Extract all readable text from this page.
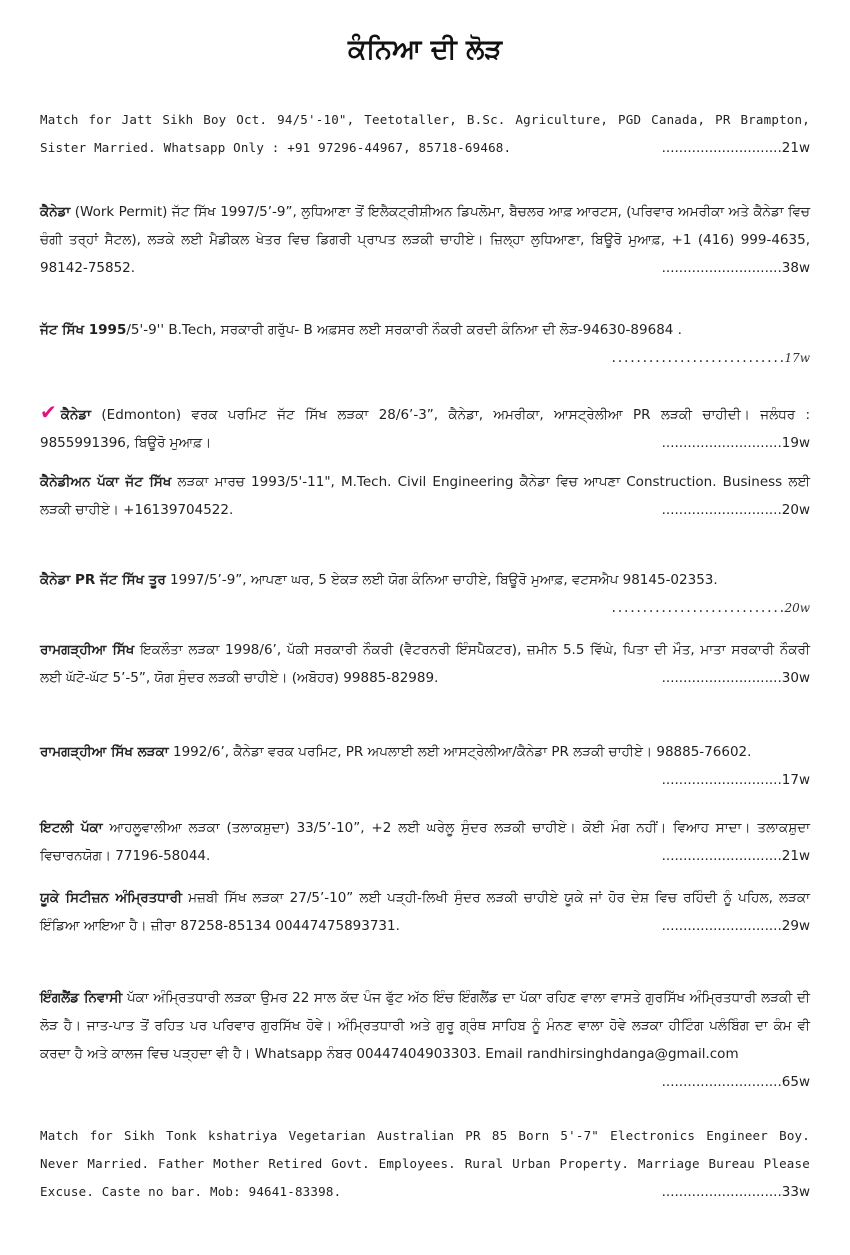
ਕੰਨਿਆ ਦੀ ਲੋੜ
Match for Jatt Sikh Boy Oct. 94/5'-10", Teetotaller, B.Sc. Agriculture, PGD Canada, PR Brampton, Sister Married. Whatsapp Only : +91 97296-44967, 85718-69468.	............................21w
ਕੈਨੇਡਾ (Work Permit) ਜੱਟ ਸਿੱਖ 1997/5’-9”, ਲੁਧਿਆਣਾ ਤੋਂ ਇਲੈਕਟ੍ਰੀਸ਼ੀਅਨ ਡਿਪਲੋਮਾ, ਬੈਚਲਰ ਆਫ਼ ਆਰਟਸ, (ਪਰਿਵਾਰ ਅਮਰੀਕਾ ਅਤੇ ਕੈਨੇਡਾ ਵਿਚ ਚੰਗੀ ਤਰ੍ਹਾਂ ਸੈਟਲ), ਲੜਕੇ ਲਈ ਮੈਡੀਕਲ ਖੇਤਰ ਵਿਚ ਡਿਗਰੀ ਪ੍ਰਾਪਤ ਲੜਕੀ ਚਾਹੀਏ। ਜ਼ਿਲ੍ਹਾ ਲੁਧਿਆਣਾ, ਬਿਊਰੋ ਮੁਆਫ਼, +1 (416) 999-4635, 98142-75852.	............................38w
ਜੱਟ ਸਿੱਖ 1995/5'-9'' B.Tech, ਸਰਕਾਰੀ ਗਰੁੱਪ- B ਅਫ਼ਸਰ ਲਈ ਸਰਕਾਰੀ ਨੌਕਰੀ ਕਰਦੀ ਕੰਨਿਆ ਦੀ ਲੋੜ-94630-89684 .
............................ 17w
✔ ਕੈਨੇਡਾ (Edmonton) ਵਰਕ ਪਰਮਿਟ ਜੱਟ ਸਿੱਖ ਲੜਕਾ 28/6’-3”, ਕੈਨੇਡਾ, ਅਮਰੀਕਾ, ਆਸਟ੍ਰੇਲੀਆ PR ਲੜਕੀ ਚਾਹੀਦੀ। ਜਲੰਧਰ : 9855991396, ਬਿਊਰੋ ਮੁਆਫ਼।	............................19w
ਕੈਨੇਡੀਅਨ ਪੱਕਾ ਜੱਟ ਸਿੱਖ ਲੜਕਾ ਮਾਰਚ 1993/5'-11", M.Tech. Civil Engineering ਕੈਨੇਡਾ ਵਿਚ ਆਪਣਾ Construction. Business ਲਈ ਲੜਕੀ ਚਾਹੀਏ। +16139704522.	............................20w
ਕੈਨੇਡਾ PR ਜੱਟ ਸਿੱਖ ਤੂਰ 1997/5’-9”, ਆਪਣਾ ਘਰ, 5 ਏਕੜ ਲਈ ਯੋਗ ਕੰਨਿਆ ਚਾਹੀਏ, ਬਿਊਰੋ ਮੁਆਫ਼, ਵਟਸਐਪ 98145-02353.
............................ 20w
ਰਾਮਗੜ੍ਹੀਆ ਸਿੱਖ ਇਕਲੌਤਾ ਲੜਕਾ 1998/6’, ਪੱਕੀ ਸਰਕਾਰੀ ਨੌਕਰੀ (ਵੈਟਰਨਰੀ ਇੰਸਪੈਕਟਰ), ਜ਼ਮੀਨ 5.5 ਵਿੱਘੇ, ਪਿਤਾ ਦੀ ਮੌਤ, ਮਾਤਾ ਸਰਕਾਰੀ ਨੌਕਰੀ ਲਈ ਘੱਟੋ-ਘੱਟ 5’-5”, ਯੋਗ ਸੁੰਦਰ ਲੜਕੀ ਚਾਹੀਏ। (ਅਬੋਹਰ) 99885-82989.	............................30w
ਰਾਮਗੜ੍ਹੀਆ ਸਿੱਖ ਲੜਕਾ 1992/6’, ਕੈਨੇਡਾ ਵਰਕ ਪਰਮਿਟ, PR ਅਪਲਾਈ ਲਈ ਆਸਟ੍ਰੇਲੀਆ/ਕੈਨੇਡਾ PR ਲੜਕੀ ਚਾਹੀਏ। 98885-76602.
............................17w
ਇਟਲੀ ਪੱਕਾ ਆਹਲੂਵਾਲੀਆ ਲੜਕਾ (ਤਲਾਕਸ਼ੁਦਾ) 33/5’-10”, +2 ਲਈ ਘਰੇਲੂ ਸੁੰਦਰ ਲੜਕੀ ਚਾਹੀਏ। ਕੋਈ ਮੰਗ ਨਹੀਂ। ਵਿਆਹ ਸਾਦਾ। ਤਲਾਕਸ਼ੁਦਾ ਵਿਚਾਰਨਯੋਗ। 77196-58044.	............................21w
ਯੂਕੇ ਸਿਟੀਜ਼ਨ ਅੰਮ੍ਰਿਤਧਾਰੀ ਮਜ਼ਬੀ ਸਿੱਖ ਲੜਕਾ 27/5’-10” ਲਈ ਪੜ੍ਹੀ-ਲਿਖੀ ਸੁੰਦਰ ਲੜਕੀ ਚਾਹੀਏ ਯੂਕੇ ਜਾਂ ਹੋਰ ਦੇਸ਼ ਵਿਚ ਰਹਿੰਦੀ ਨੂੰ ਪਹਿਲ, ਲੜਕਾ ਇੰਡਿਆ ਆਇਆ ਹੈ। ਜ਼ੀਰਾ 87258-85134 00447475893731.	............................29w
ਇੰਗਲੈਂਡ ਨਿਵਾਸੀ ਪੱਕਾ ਅੰਮ੍ਰਿਤਧਾਰੀ ਲੜਕਾ ਉਮਰ 22 ਸਾਲ ਕੱਦ ਪੰਜ ਫੁੱਟ ਅੱਠ ਇੰਚ ਇੰਗਲੈਂਡ ਦਾ ਪੱਕਾ ਰਹਿਣ ਵਾਲਾ ਵਾਸਤੇ ਗੁਰਸਿੱਖ ਅੰਮ੍ਰਿਤਧਾਰੀ ਲੜਕੀ ਦੀ ਲੋੜ ਹੈ। ਜਾਤ-ਪਾਤ ਤੋਂ ਰਹਿਤ ਪਰ ਪਰਿਵਾਰ ਗੁਰਸਿੱਖ ਹੋਵੇ। ਅੰਮ੍ਰਿਤਧਾਰੀ ਅਤੇ ਗੁਰੂ ਗ੍ਰੰਥ ਸਾਹਿਬ ਨੂੰ ਮੰਨਣ ਵਾਲਾ ਹੋਵੇ ਲੜਕਾ ਹੀਟਿੰਗ ਪਲੰਬਿੰਗ ਦਾ ਕੰਮ ਵੀ ਕਰਦਾ ਹੈ ਅਤੇ ਕਾਲਜ ਵਿਚ ਪੜ੍ਹਦਾ ਵੀ ਹੈ। Whatsapp ਨੰਬਰ 00447404903303. Email randhirsinghdanga@gmail.com
............................65w
Match for Sikh Tonk kshatriya Vegetarian Australian PR 85 Born 5'-7" Electronics Engineer Boy. Never Married. Father Mother Retired Govt. Employees. Rural Urban Property. Marriage Bureau Please Excuse. Caste no bar. Mob: 94641-83398.	............................33w
